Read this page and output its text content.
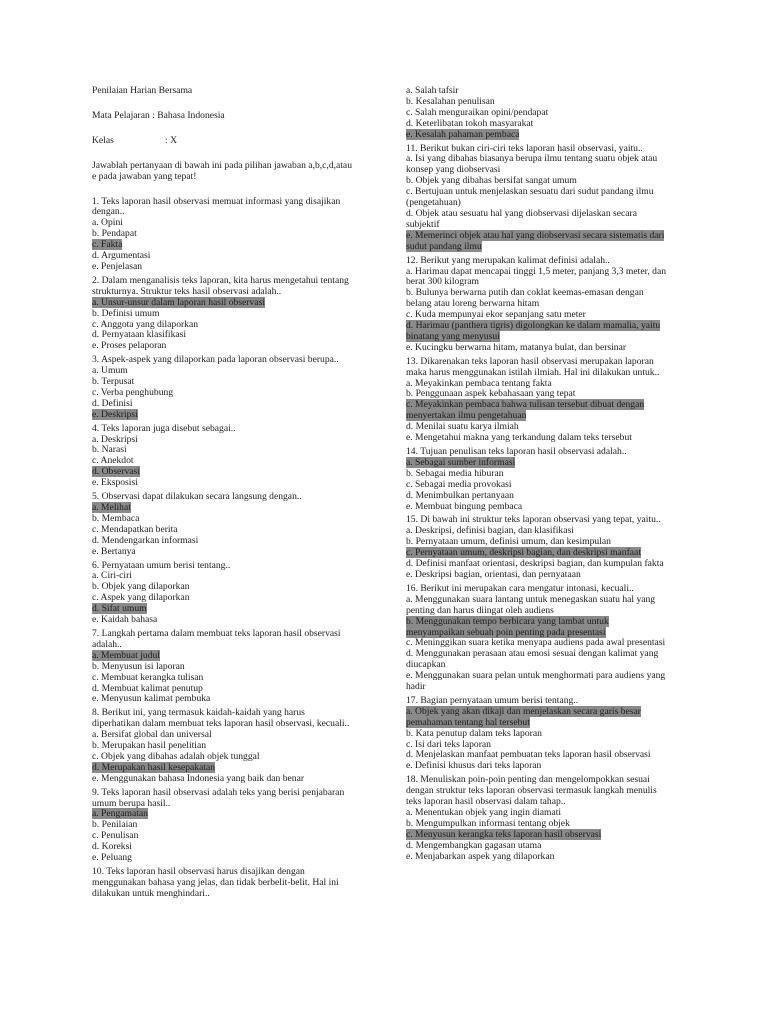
Penilaian Harian Bersama

Mata Pelajaran : Bahasa Indonesia

Kelas	: X

Jawablah pertanyaan di bawah ini pada pilihan jawaban a,b,c,d,atau e pada jawaban yang tepat!

1. Teks laporan hasil observasi memuat informasi yang disajikan dengan..

a. Opini

b. Pendapat

c. Fakta

d. Argumentasi

e. Penjelasan

2. Dalam menganalisis teks laporan, kita harus mengetahui tentang strukturnya. Struktur teks hasil observasi adalah..

a. Unsur-unsur dalam laporan hasil observasi

b. Definisi umum

c. Anggota yang dilaporkan

d. Pernyataan klasifikasi

e. Proses pelaporan

3. Aspek-aspek yang dilaporkan pada laporan observasi berupa..

a. Umum

b. Terpusat

c. Verba penghubung

d. Definisi

e. Deskripsi

4. Teks laporan juga disebut sebagai..

a. Deskripsi

b. Narasi

c. Anekdot

d. Observasi

e. Eksposisi

5. Observasi dapat dilakukan secara langsung dengan..

a. Melihat

b. Membaca

c. Mendapatkan berita

d. Mendengarkan informasi

e. Bertanya

6. Pernyataan umum berisi tentang..

a. Ciri-ciri

b. Objek yang dilaporkan

c. Aspek yang dilaporkan

d. Sifat umum

e. Kaidah bahasa

7. Langkah pertama dalam membuat teks laporan hasil observasi adalah..

a. Membuat judul

b. Menyusun isi laporan

c. Membuat kerangka tulisan

d. Membuat kalimat penutup

e. Menyusun kalimat pembuka

8. Berikut ini, yang termasuk kaidah-kaidah yang harus diperhatikan dalam membuat teks laporan hasil observasi, kecuali..

a. Bersifat global dan universal

b. Merupakan hasil penelitian

c. Objek yang dibahas adalah objek tunggal

d. Merupakan hasil kesepakatan

e. Menggunakan bahasa Indonesia yang baik dan benar

9. Teks laporan hasil observasi adalah teks yang berisi penjabaran umum berupa hasil..

a. Pengamatan

b. Penilaian

c. Penulisan

d. Koreksi

e. Peluang

10. Teks laporan hasil observasi harus disajikan dengan menggunakan bahasa yang jelas, dan tidak berbelit-belit. Hal ini dilakukan untuk menghindari..

a. Salah tafsir

b. Kesalahan penulisan

c. Salah menguraikan opini/pendapat

d. Keterlibatan tokoh masyarakat

e. Kesalah pahaman pembaca

11. Berikut bukan ciri-ciri teks laporan hasil observasi, yaitu..

a. Isi yang dibahas biasanya berupa ilmu tentang suatu objek atau konsep yang diobservasi

b. Objek yang dibahas bersifat sangat umum

c. Bertujuan untuk menjelaskan sesuatu dari sudut pandang ilmu (pengetahuan)

d. Objek atau sesuatu hal yang diobservasi dijelaskan secara subjektif

e. Memerinci objek atau hal yang diobservasi secara sistematis dari sudut pandang ilmu

12. Berikut yang merupakan kalimat definisi adalah..

a. Harimau dapat mencapai tinggi 1,5 meter, panjang 3,3 meter, dan berat 300 kilogram

b. Bulunya berwarna putih dan coklat keemas-emasan dengan belang atau loreng berwarna hitam

c. Kuda mempunyai ekor sepanjang satu meter

d. Harimau (panthera tigris) digolongkan ke dalam mamalia, yaitu binatang yang menyusui

e. Kucingku berwarna hitam, matanya bulat, dan bersinar

13. Dikarenakan teks laporan hasil observasi merupakan laporan maka harus menggunakan istilah ilmiah. Hal ini dilakukan untuk..

a. Meyakinkan pembaca tentang fakta

b. Penggunaan aspek kebahasaan yang tepat

c. Meyakinkan pembaca bahwa tulisan tersebut dibuat dengan menyertakan ilmu pengetahuan

d. Menilai suatu karya ilmiah

e. Mengetahui makna yang terkandung dalam teks tersebut

14. Tujuan penulisan teks laporan hasil observasi adalah..

a. Sebagai sumber informasi

b. Sebagai media hiburan

c. Sebagai media provokasi

d. Menimbulkan pertanyaan

e. Membuat bingung pembaca

15. Di bawah ini struktur teks laporan observasi yang tepat, yaitu..

a. Deskripsi, definisi bagian, dan klasifikasi

b. Pernyataan umum, definisi umum, dan kesimpulan

c. Pernyataan umum, deskripsi bagian, dan deskripsi manfaat

d. Definisi manfaat orientasi, deskripsi bagian, dan kumpulan fakta

e. Deskripsi bagian, orientasi, dan pernyataan

16. Berikut ini merupakan cara mengatur intonasi, kecuali..

a. Menggunakan suara lantang untuk menegaskan suatu hal yang penting dan harus diingat oleh audiens

b. Menggunakan tempo berbicara yang lambat untuk menyampaikan sebuah poin penting pada presentasi

c. Meninggikan suara ketika menyapa audiens pada awal presentasi

d. Menggunakan perasaan atau emosi sesuai dengan kalimat yang diucapkan

e. Menggunakan suara pelan untuk menghormati para audiens yang hadir

17. Bagian pernyataan umum berisi tentang..

a. Objek yang akan dikaji dan menjelaskan secara garis besar pemahaman tentang hal tersebut

b. Kata penutup dalam teks laporan

c. Isi dari teks laporan

d. Menjelaskan manfaat pembuatan teks laporan hasil observasi

e. Definisi khusus dari teks laporan

18. Menuliskan poin-poin penting dan mengelompokkan sesuai dengan struktur teks laporan observasi termasuk langkah menulis teks laporan hasil observasi dalam tahap..

a. Menentukan objek yang ingin diamati

b. Mengumpulkan informasi tentang objek

c. Menyusun kerangka teks laporan hasil observasi

d. Mengembangkan gagasan utama

e. Menjabarkan aspek yang dilaporkan
